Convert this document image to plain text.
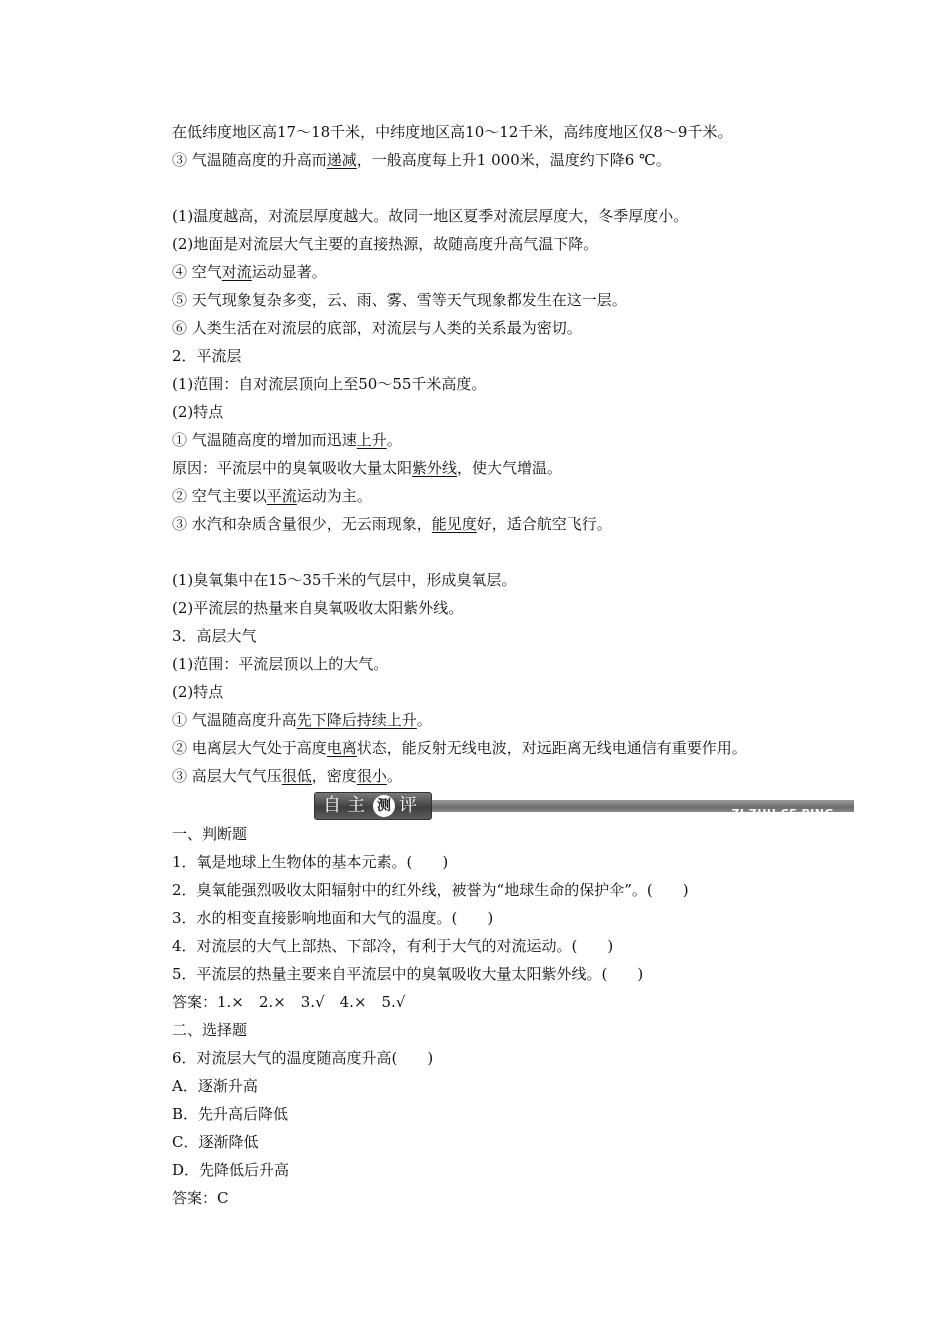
在低纬度地区高17～18千米，中纬度地区高10～12千米，高纬度地区仅8～9千米。
③ 气温随高度的升高而递减，一般高度每上升1 000米，温度约下降6 ℃。
(1)温度越高，对流层厚度越大。故同一地区夏季对流层厚度大，冬季厚度小。
(2)地面是对流层大气主要的直接热源，故随高度升高气温下降。
④ 空气对流运动显著。
⑤ 天气现象复杂多变，云、雨、雾、雪等天气现象都发生在这一层。
⑥ 人类生活在对流层的底部，对流层与人类的关系最为密切。
2．平流层
(1)范围：自对流层顶向上至50～55千米高度。
(2)特点
① 气温随高度的增加而迅速上升。
原因：平流层中的臭氧吸收大量太阳紫外线，使大气增温。
② 空气主要以平流运动为主。
③ 水汽和杂质含量很少，无云雨现象，能见度好，适合航空飞行。
(1)臭氧集中在15～35千米的气层中，形成臭氧层。
(2)平流层的热量来自臭氧吸收太阳紫外线。
3．高层大气
(1)范围：平流层顶以上的大气。
(2)特点
① 气温随高度升高先下降后持续上升。
② 电离层大气处于高度电离状态，能反射无线电波，对远距离无线电通信有重要作用。
③ 高层大气气压很低，密度很小。
ZI ZHU CE PING
自 主 测 评
一、判断题
1．氧是地球上生物体的基本元素。(　　)
2．臭氧能强烈吸收太阳辐射中的红外线，被誉为“地球生命的保护伞”。(　　)
3．水的相变直接影响地面和大气的温度。(　　)
4．对流层的大气上部热、下部冷，有利于大气的对流运动。(　　)
5．平流层的热量主要来自平流层中的臭氧吸收大量太阳紫外线。(　　)
答案：1.×　2.×　3.√　4.×　5.√
二、选择题
6．对流层大气的温度随高度升高(　　)
A．逐渐升高
B．先升高后降低
C．逐渐降低
D．先降低后升高
答案：C
